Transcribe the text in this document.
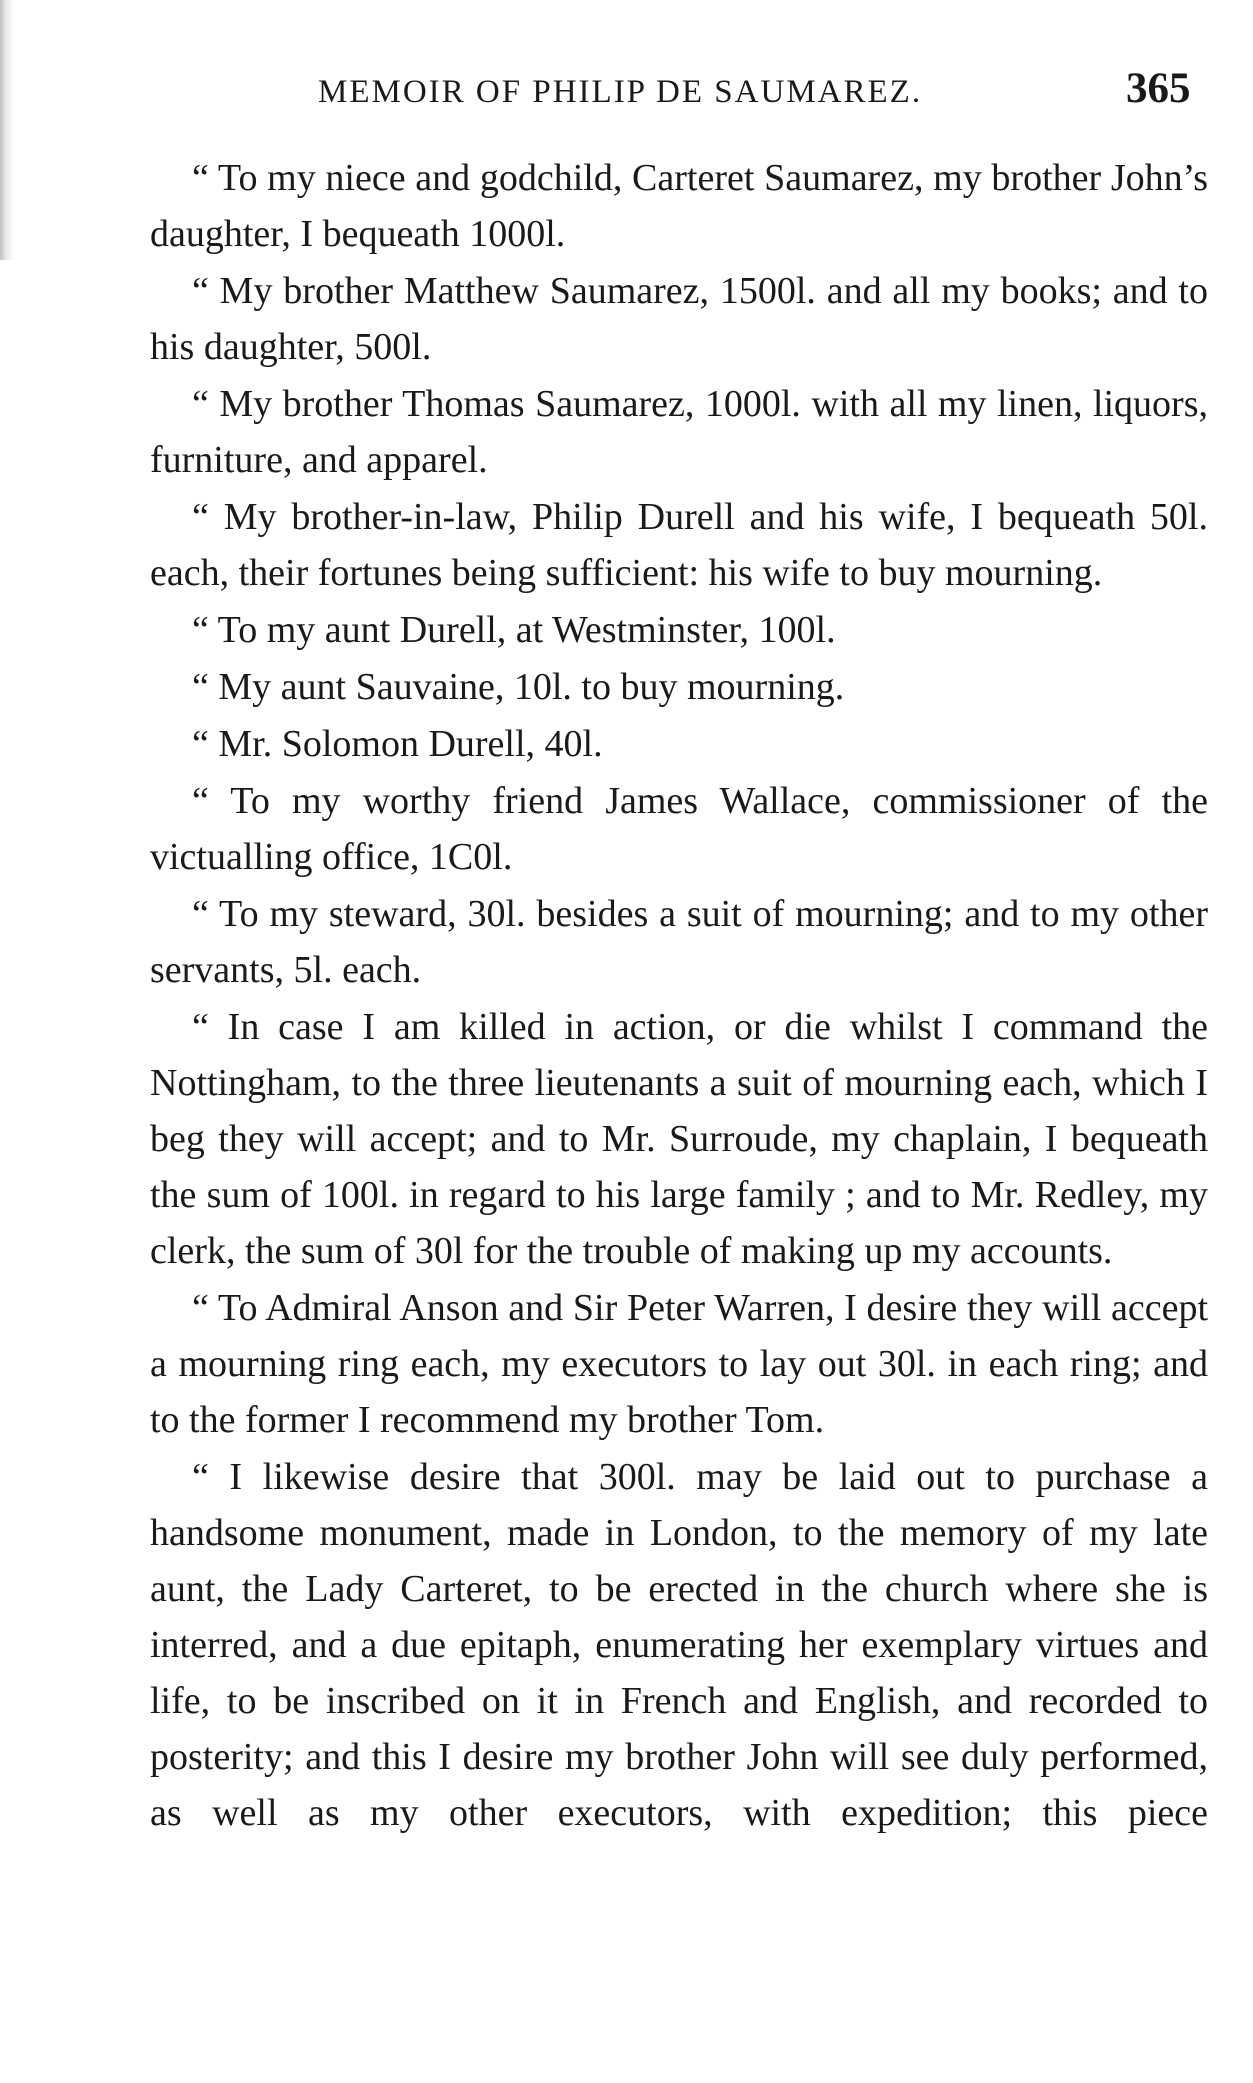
MEMOIR OF PHILIP DE SAUMAREZ.	365

“ To my niece and godchild, Carteret Saumarez, my brother John’s daughter, I bequeath 1000l.

“ My brother Matthew Saumarez, 1500l. and all my books; and to his daughter, 500l.

“ My brother Thomas Saumarez, 1000l. with all my linen, liquors, furniture, and apparel.

“ My brother-in-law, Philip Durell and his wife, I bequeath 50l. each, their fortunes being sufficient: his wife to buy mourning.

“ To my aunt Durell, at Westminster, 100l.

“ My aunt Sauvaine, 10l. to buy mourning.

“ Mr. Solomon Durell, 40l.

“ To my worthy friend James Wallace, commissioner of the victualling office, 1C0l.

“ To my steward, 30l. besides a suit of mourning; and to my other servants, 5l. each.

“ In case I am killed in action, or die whilst I command the Nottingham, to the three lieutenants a suit of mourning each, which I beg they will accept; and to Mr. Surroude, my chaplain, I bequeath the sum of 100l. in regard to his large family ; and to Mr. Redley, my clerk, the sum of 30l for the trouble of making up my accounts.

“ To Admiral Anson and Sir Peter Warren, I desire they will accept a mourning ring each, my executors to lay out 30l. in each ring; and to the former I recommend my brother Tom.

“ I likewise desire that 300l. may be laid out to purchase a handsome monument, made in London, to the memory of my late aunt, the Lady Carteret, to be erected in the church where she is interred, and a due epitaph, enumerating her exemplary virtues and life, to be inscribed on it in French and English, and recorded to posterity; and this I desire my brother John will see duly performed, as well as my other executors, with expedition; this piece
